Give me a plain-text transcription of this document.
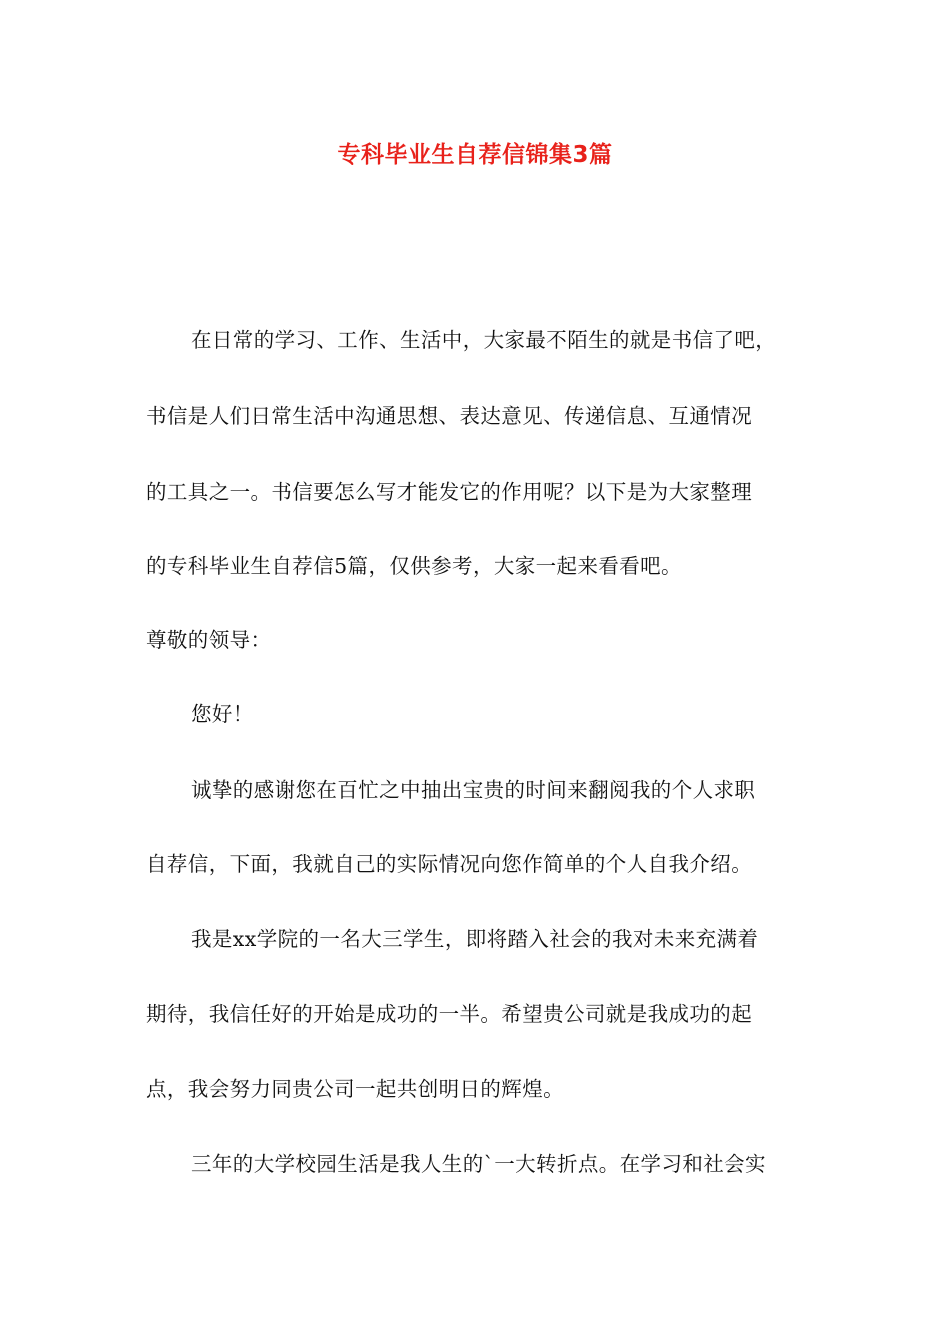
专科毕业生自荐信锦集3篇
在日常的学习、工作、生活中，大家最不陌生的就是书信了吧，
书信是人们日常生活中沟通思想、表达意见、传递信息、互通情况
的工具之一。书信要怎么写才能发它的作用呢？以下是为大家整理
的专科毕业生自荐信5篇，仅供参考，大家一起来看看吧。
尊敬的领导：
您好！
诚挚的感谢您在百忙之中抽出宝贵的时间来翻阅我的个人求职
自荐信，下面，我就自己的实际情况向您作简单的个人自我介绍。
我是xx学院的一名大三学生，即将踏入社会的我对未来充满着
期待，我信任好的开始是成功的一半。希望贵公司就是我成功的起
点，我会努力同贵公司一起共创明日的辉煌。
三年的大学校园生活是我人生的`一大转折点。在学习和社会实
